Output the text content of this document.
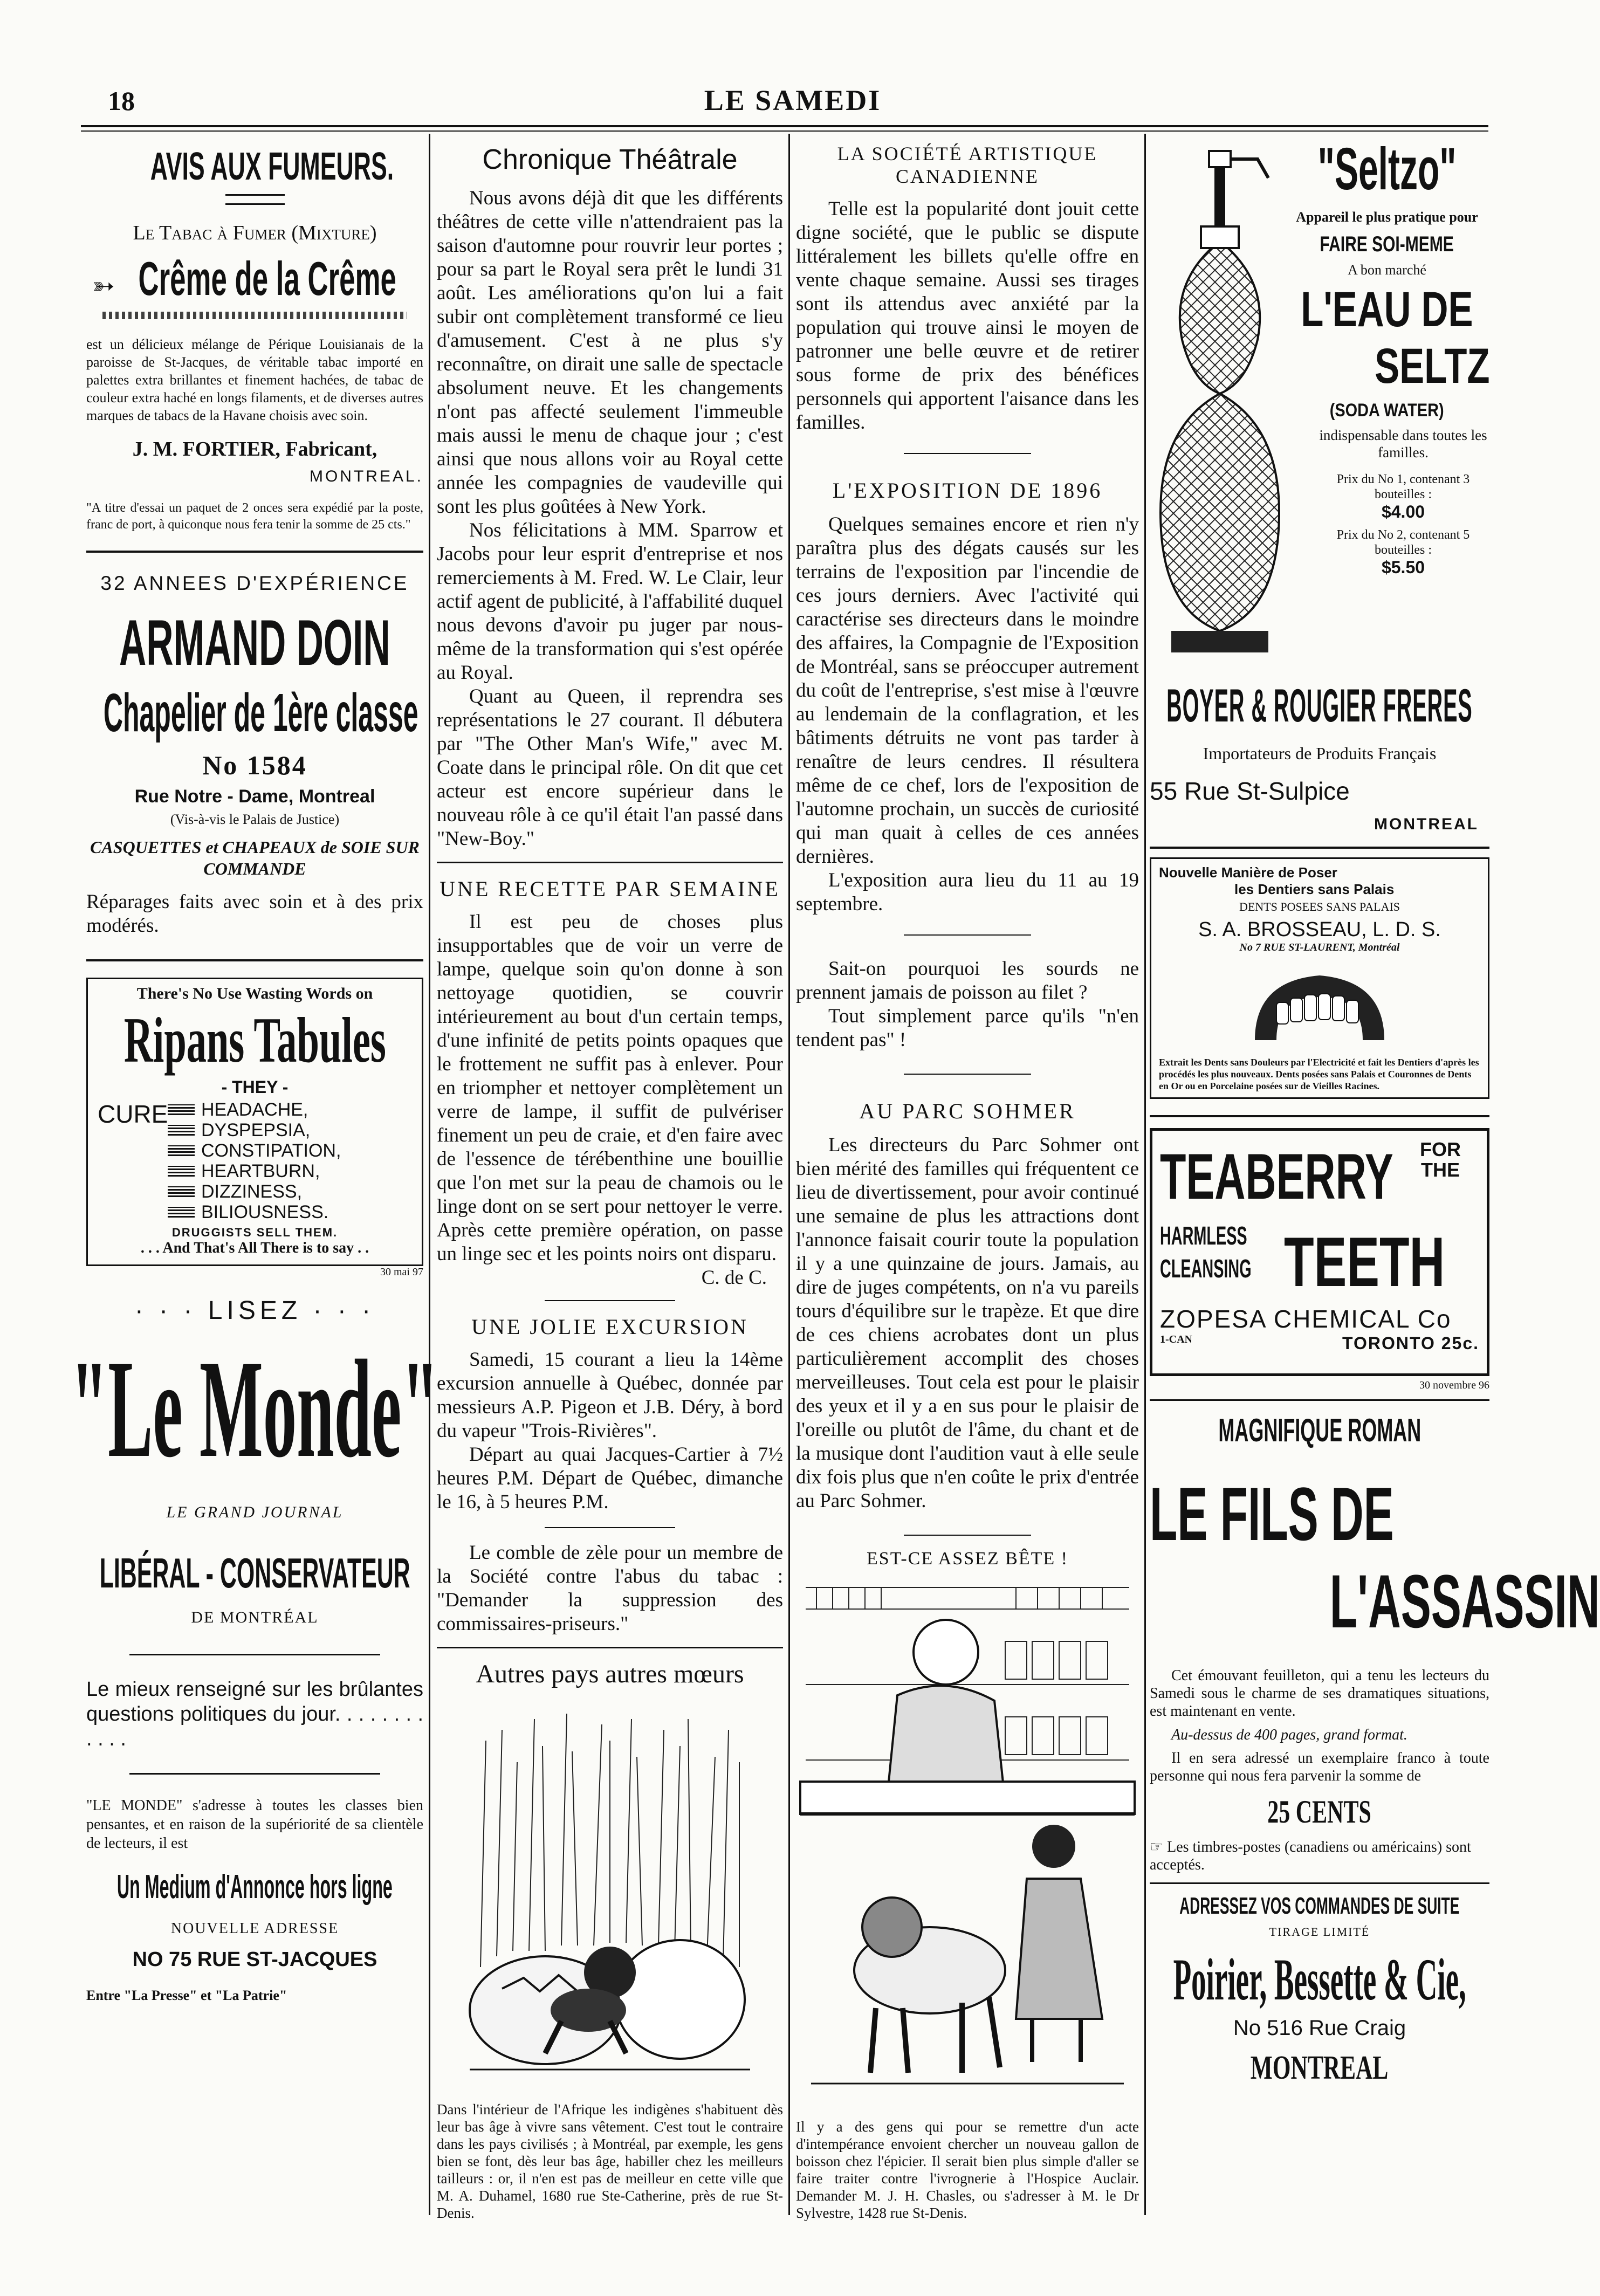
18	LE SAMEDI
AVIS AUX FUMEURS.
Le Tabac à Fumer (Mixture)
➳ Crême de la Crême
est un délicieux mélange de Périque Louisianais de la paroisse de St-Jacques, de véritable tabac importé en palettes extra brillantes et finement hachées, de tabac de couleur extra haché en longs filaments, et de diverses autres marques de tabacs de la Havane choisis avec soin.
J. M. FORTIER, Fabricant,
MONTREAL.
"A titre d'essai un paquet de 2 onces sera expédié par la poste, franc de port, à quiconque nous fera tenir la somme de 25 cts."
32 ANNEES D'EXPÉRIENCE
ARMAND DOIN
Chapelier de 1ère classe
No 1584
Rue Notre - Dame, Montreal
(Vis-à-vis le Palais de Justice)
CASQUETTES et CHAPEAUX de SOIE SUR COMMANDE
Réparages faits avec soin et à des prix modérés.
There's No Use Wasting Words on
Ripans Tabules
- THEY -
CURE HEADACHE,
DYSPEPSIA,
CONSTIPATION,
HEARTBURN,
DIZZINESS,
BILIOUSNESS.
DRUGGISTS SELL THEM.
. . . And That's All There is to say . .
30 mai 97
· · · LISEZ · · ·
"Le Monde"
LE GRAND JOURNAL
LIBÉRAL - CONSERVATEUR
DE MONTRÉAL
Le mieux renseigné sur les brûlantes questions politiques du jour. . . . . . . . . . . .
"LE MONDE" s'adresse à toutes les classes bien pensantes, et en raison de la supériorité de sa clientèle de lecteurs, il est
Un Medium d'Annonce hors ligne
NOUVELLE ADRESSE
NO 75 RUE ST-JACQUES
Entre "La Presse" et "La Patrie"
Chronique Théâtrale

Nous avons déjà dit que les différents théâtres de cette ville n'attendraient pas la saison d'automne pour rouvrir leur portes ; pour sa part le Royal sera prêt le lundi 31 août. Les améliorations qu'on lui a fait subir ont complètement transformé ce lieu d'amusement. C'est à ne plus s'y reconnaître, on dirait une salle de spectacle absolument neuve. Et les changements n'ont pas affecté seulement l'immeuble mais aussi le menu de chaque jour ; c'est ainsi que nous allons voir au Royal cette année les compagnies de vaudeville qui sont les plus goûtées à New York.

Nos félicitations à MM. Sparrow et Jacobs pour leur esprit d'entreprise et nos remerciements à M. Fred. W. Le Clair, leur actif agent de publicité, à l'affabilité duquel nous devons d'avoir pu juger par nous-même de la transformation qui s'est opérée au Royal.

Quant au Queen, il reprendra ses représentations le 27 courant. Il débutera par "The Other Man's Wife," avec M. Coate dans le principal rôle. On dit que cet acteur est encore supérieur dans le nouveau rôle à ce qu'il était l'an passé dans "New-Boy."

UNE RECETTE PAR SEMAINE

Il est peu de choses plus insupportables que de voir un verre de lampe, quelque soin qu'on donne à son nettoyage quotidien, se couvrir intérieurement au bout d'un certain temps, d'une infinité de petits points opaques que le frottement ne suffit pas à enlever. Pour en triompher et nettoyer complètement un verre de lampe, il suffit de pulvériser finement un peu de craie, et d'en faire avec de l'essence de térébenthine une bouillie que l'on met sur la peau de chamois ou le linge dont on se sert pour nettoyer le verre. Après cette première opération, on passe un linge sec et les points noirs ont disparu.

C. de C.
UNE JOLIE EXCURSION

Samedi, 15 courant a lieu la 14ème excursion annuelle à Québec, donnée par messieurs A.P. Pigeon et J.B. Déry, à bord du vapeur "Trois-Rivières".

Départ au quai Jacques-Cartier à 7½ heures P.M. Départ de Québec, dimanche le 16, à 5 heures P.M.

Le comble de zèle pour un membre de la Société contre l'abus du tabac : "Demander la suppression des commissaires-priseurs."

Autres pays autres mœurs
Dans l'intérieur de l'Afrique les indigènes s'habituent dès leur bas âge à vivre sans vêtement. C'est tout le contraire dans les pays civilisés ; à Montréal, par exemple, les gens bien se font, dès leur bas âge, habiller chez les meilleurs tailleurs : or, il n'en est pas de meilleur en cette ville que M. A. Duhamel, 1680 rue Ste-Catherine, près de rue St-Denis.
LA SOCIÉTÉ ARTISTIQUE CANADIENNE

Telle est la popularité dont jouit cette digne société, que le public se dispute littéralement les billets qu'elle offre en vente chaque semaine. Aussi ses tirages sont ils attendus avec anxiété par la population qui trouve ainsi le moyen de patronner une belle œuvre et de retirer sous forme de prix des bénéfices personnels qui apportent l'aisance dans les familles.

L'EXPOSITION DE 1896

Quelques semaines encore et rien n'y paraîtra plus des dégats causés sur les terrains de l'exposition par l'incendie de ces jours derniers. Avec l'activité qui caractérise ses directeurs dans le moindre des affaires, la Compagnie de l'Exposition de Montréal, sans se préoccuper autrement du coût de l'entreprise, s'est mise à l'œuvre au lendemain de la conflagration, et les bâtiments détruits ne vont pas tarder à renaître de leurs cendres. Il résultera même de ce chef, lors de l'exposition de l'automne prochain, un succès de curiosité qui man quait à celles de ces années dernières.

L'exposition aura lieu du 11 au 19 septembre.

Sait-on pourquoi les sourds ne prennent jamais de poisson au filet ?

Tout simplement parce qu'ils "n'en tendent pas" !

AU PARC SOHMER

Les directeurs du Parc Sohmer ont bien mérité des familles qui fréquentent ce lieu de divertissement, pour avoir continué une semaine de plus les attractions dont l'annonce faisait courir toute la population il y a une quinzaine de jours. Jamais, au dire de juges compétents, on n'a vu pareils tours d'équilibre sur le trapèze. Et que dire de ces chiens acrobates dont un plus particulièrement accomplit des choses merveilleuses. Tout cela est pour le plaisir des yeux et il y a en sus pour le plaisir de l'oreille ou plutôt de l'âme, du chant et de la musique dont l'audition vaut à elle seule dix fois plus que n'en coûte le prix d'entrée au Parc Sohmer.

EST-CE ASSEZ BÊTE !
Il y a des gens qui pour se remettre d'un acte d'intempérance envoient chercher un nouveau gallon de boisson chez l'épicier. Il serait bien plus simple d'aller se faire traiter contre l'ivrognerie à l'Hospice Auclair. Demander M. J. H. Chasles, ou s'adresser à M. le Dr Sylvestre, 1428 rue St-Denis.
"Seltzo"
Appareil le plus pratique pour
FAIRE SOI-MEME
A bon marché
L'EAU DE
SELTZ
(SODA WATER)
indispensable dans toutes les familles.
Prix du No 1, contenant 3 bouteilles :
$4.00
Prix du No 2, contenant 5 bouteilles :
$5.50
BOYER & ROUGIER FRERES
Importateurs de Produits Français
55 Rue St-Sulpice
MONTREAL
Nouvelle Manière de Poser
les Dentiers sans Palais
DENTS POSEES SANS PALAIS
S. A. BROSSEAU, L. D. S.
No 7 RUE ST-LAURENT, Montréal
Extrait les Dents sans Douleurs par l'Electricité et fait les Dentiers d'après les procédés les plus nouveaux. Dents posées sans Palais et Couronnes de Dents en Or ou en Porcelaine posées sur de Vieilles Racines.
TEABERRY FOR THE
HARMLESS CLEANSING TEETH
ZOPESA CHEMICAL Co
1-CAN	TORONTO 25c.
30 novembre 96
MAGNIFIQUE ROMAN
LE FILS DE
L'ASSASSIN
Cet émouvant feuilleton, qui a tenu les lecteurs du Samedi sous le charme de ses dramatiques situations, est maintenant en vente.
Au-dessus de 400 pages, grand format.
Il en sera adressé un exemplaire franco à toute personne qui nous fera parvenir la somme de
25 CENTS
☞ Les timbres-postes (canadiens ou américains) sont acceptés.
ADRESSEZ VOS COMMANDES DE SUITE
TIRAGE LIMITÉ
Poirier, Bessette & Cie,
No 516 Rue Craig
MONTREAL
